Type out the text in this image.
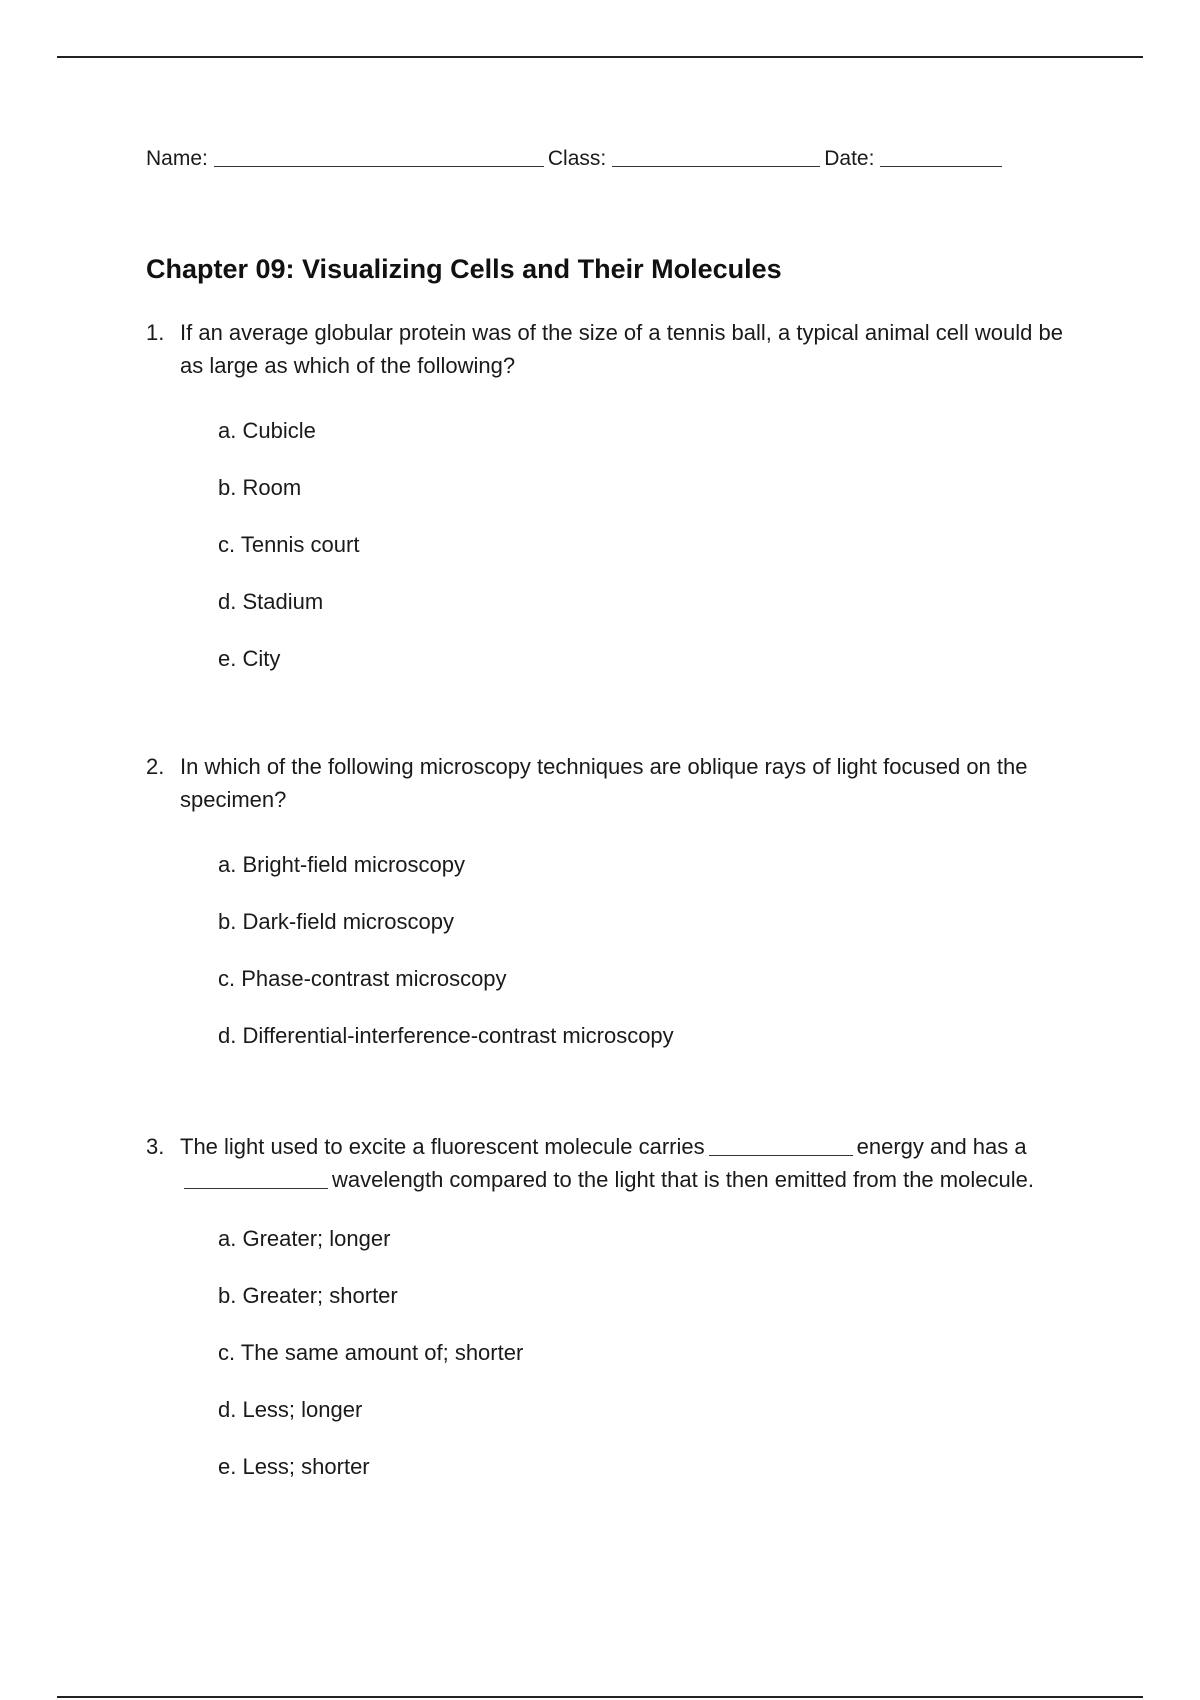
Name:	Class:	Date:
Chapter 09: Visualizing Cells and Their Molecules
1. If an average globular protein was of the size of a tennis ball, a typical animal cell would be as large as which of the following?
a. Cubicle
b. Room
c. Tennis court
d. Stadium
e. City
2. In which of the following microscopy techniques are oblique rays of light focused on the specimen?
a. Bright-field microscopy
b. Dark-field microscopy
c. Phase-contrast microscopy
d. Differential-interference-contrast microscopy
3. The light used to excite a fluorescent molecule carries	energy and has awavelength compared to the light that is then emitted from the molecule.
a. Greater; longer
b. Greater; shorter
c. The same amount of; shorter
d. Less; longer
e. Less; shorter
